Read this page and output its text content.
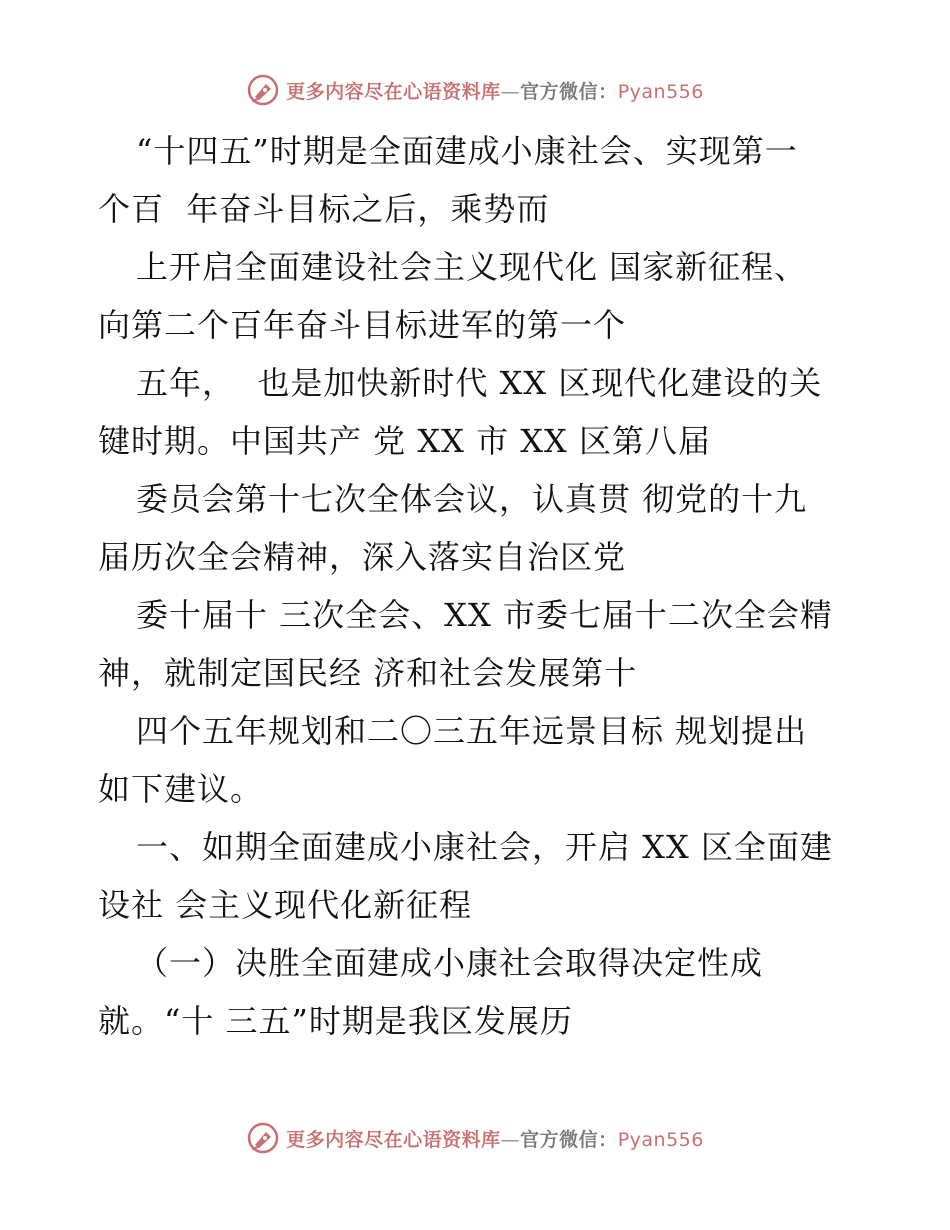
更多内容尽在心语资料库—官方微信：Pyan556
“十四五”时期是全面建成小康社会、实现第一
个百  年奋斗目标之后，乘势而
上开启全面建设社会主义现代化 国家新征程、
向第二个百年奋斗目标进军的第一个
五年，  也是加快新时代 XX 区现代化建设的关
键时期。中国共产 党 XX 市 XX 区第八届
委员会第十七次全体会议，认真贯 彻党的十九
届历次全会精神，深入落实自治区党
委十届十 三次全会、XX 市委七届十二次全会精
神，就制定国民经 济和社会发展第十
四个五年规划和二〇三五年远景目标 规划提出
如下建议。
一、如期全面建成小康社会，开启 XX 区全面建
设社 会主义现代化新征程
（一）决胜全面建成小康社会取得决定性成
就。“十 三五”时期是我区发展历
更多内容尽在心语资料库—官方微信：Pyan556
